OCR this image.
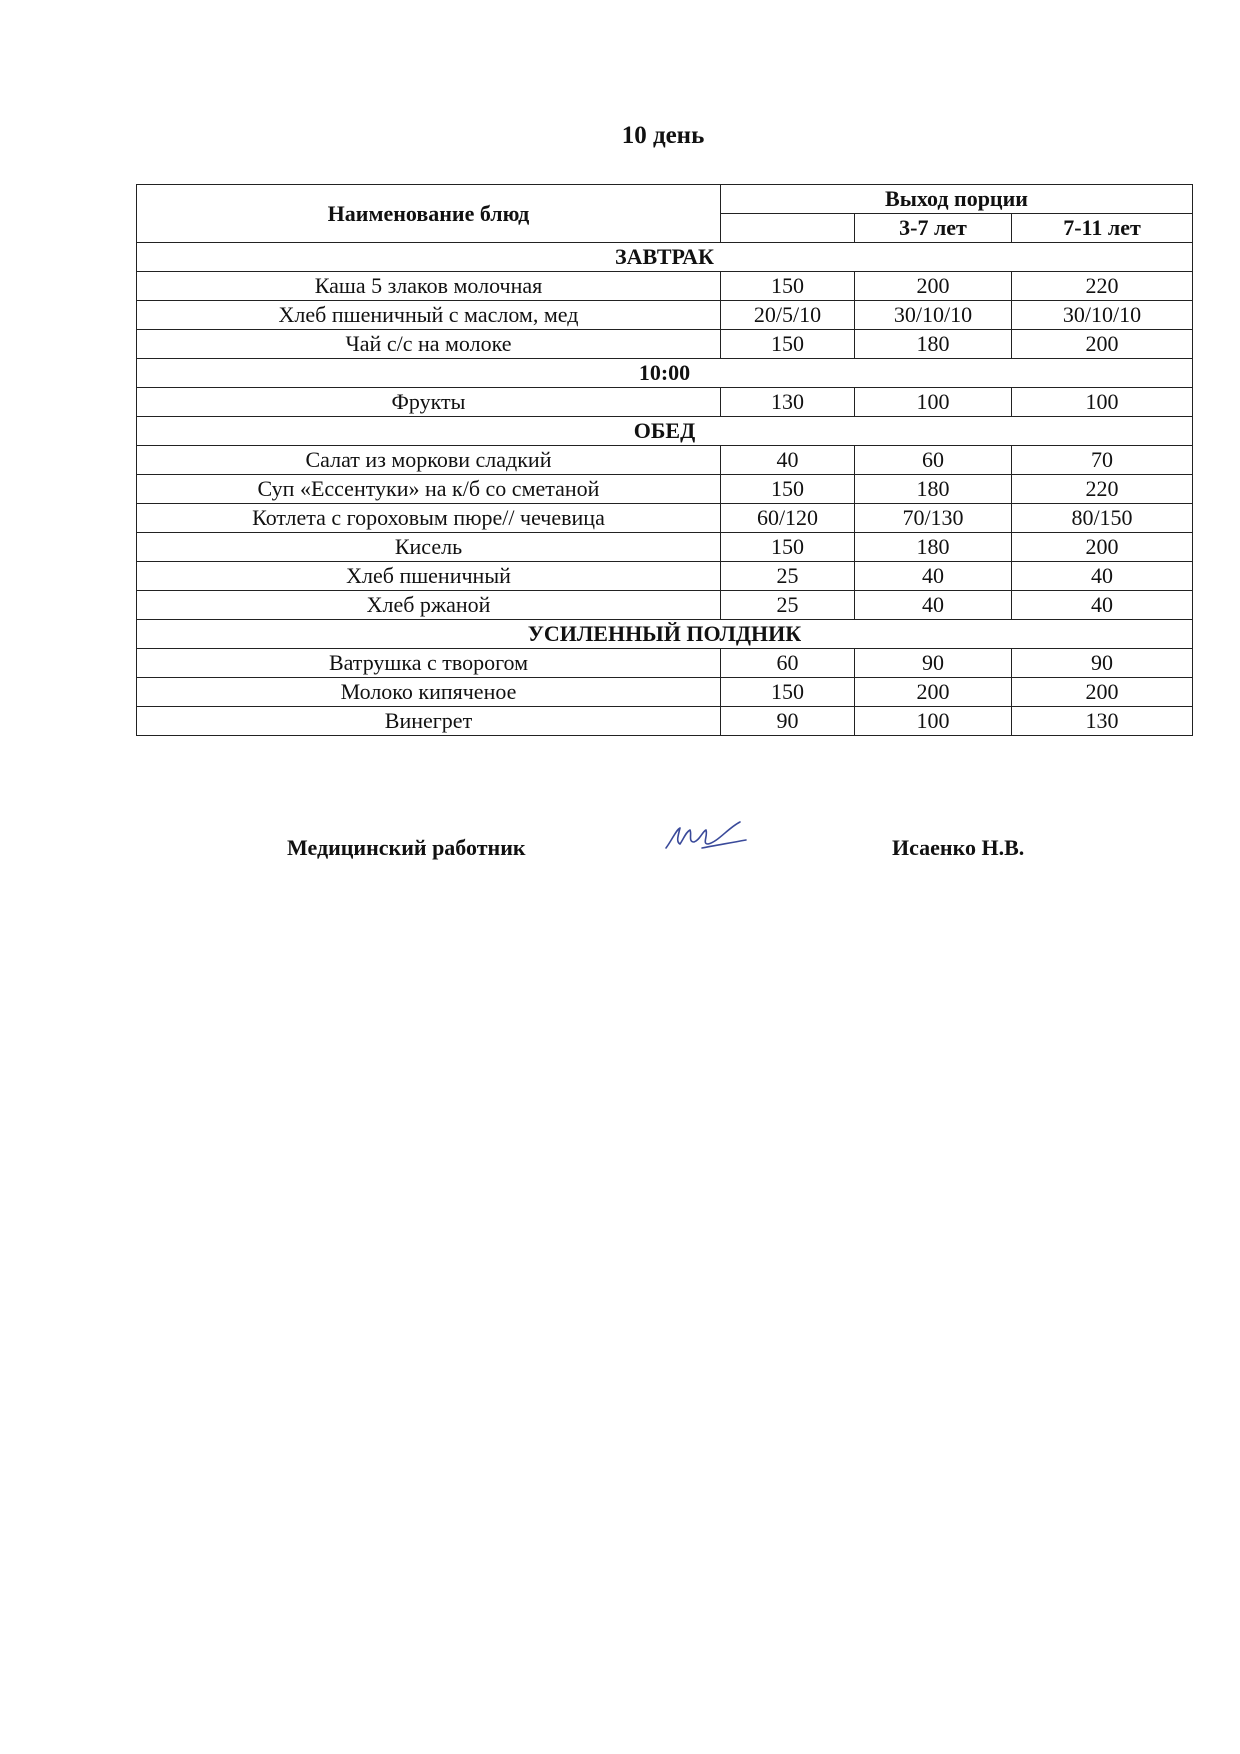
10 день
Наименование блюд	Выход порции		
		3-7 лет	7-11 лет
ЗАВТРАК			
Каша 5 злаков молочная	150	200	220
Хлеб пшеничный с маслом, мед	20/5/10	30/10/10	30/10/10
Чай с/с на молоке	150	180	200
10:00			
Фрукты	130	100	100
ОБЕД			
Салат из моркови сладкий	40	60	70
Суп «Ессентуки» на к/б со сметаной	150	180	220
Котлета с гороховым пюре// чечевица	60/120	70/130	80/150
Кисель	150	180	200
Хлеб пшеничный	25	40	40
Хлеб ржаной	25	40	40
УСИЛЕННЫЙ ПОЛДНИК			
Ватрушка с творогом	60	90	90
Молоко кипяченое	150	200	200
Винегрет	90	100	130
Медицинский работник	Исаенко Н.В.
